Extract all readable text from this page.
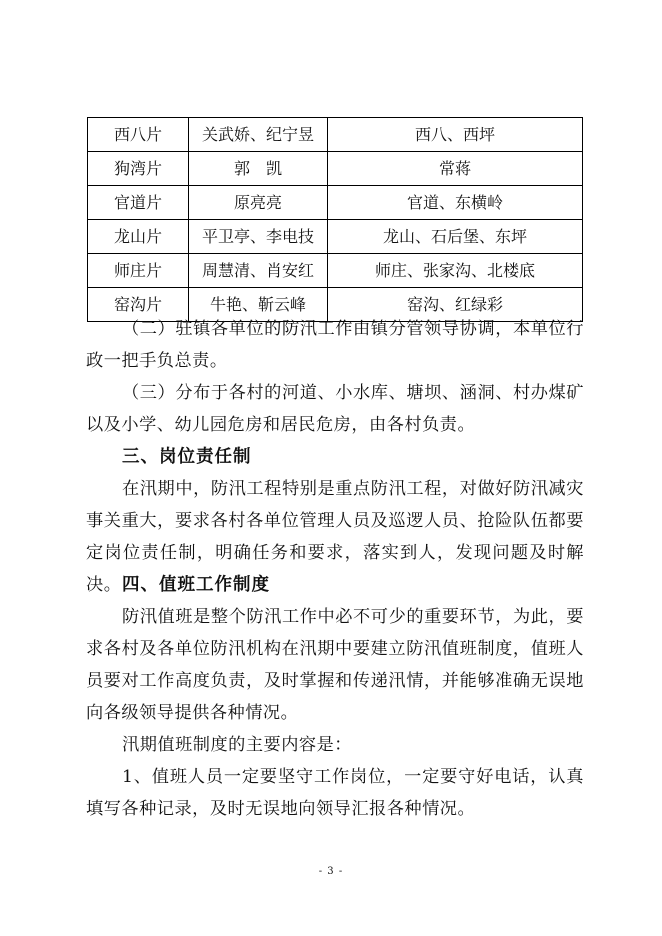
西八片	关武娇、纪宁昱	西八、西坪
狗湾片	郭　凯	常蒋
官道片	原亮亮	官道、东横岭
龙山片	平卫亭、李电技	龙山、石后堡、东坪
师庄片	周慧清、肖安红	师庄、张家沟、北楼底
窑沟片	牛艳、靳云峰	窑沟、红绿彩

（二）驻镇各单位的防汛工作由镇分管领导协调，本单位行政一把手负总责。

（三）分布于各村的河道、小水库、塘坝、涵洞、村办煤矿以及小学、幼儿园危房和居民危房，由各村负责。

三、岗位责任制

在汛期中，防汛工程特别是重点防汛工程，对做好防汛减灾事关重大，要求各村各单位管理人员及巡逻人员、抢险队伍都要定岗位责任制，明确任务和要求，落实到人，发现问题及时解决。 四、值班工作制度

防汛值班是整个防汛工作中必不可少的重要环节，为此，要求各村及各单位防汛机构在汛期中要建立防汛值班制度，值班人员要对工作高度负责，及时掌握和传递汛情，并能够准确无误地向各级领导提供各种情况。

汛期值班制度的主要内容是：

1、值班人员一定要坚守工作岗位，一定要守好电话，认真填写各种记录，及时无误地向领导汇报各种情况。

- 3 -
